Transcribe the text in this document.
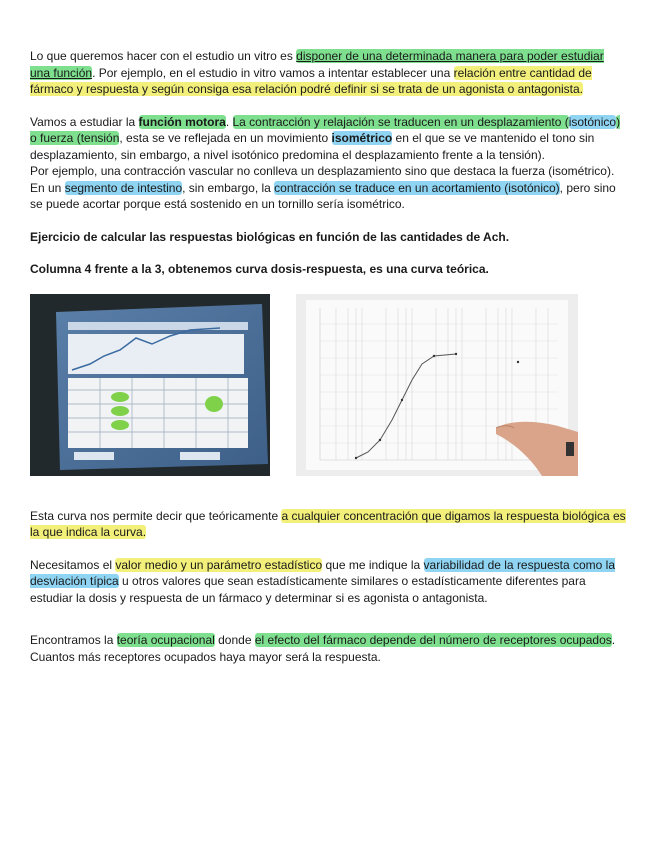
Lo que queremos hacer con el estudio un vitro es disponer de una determinada manera para poder estudiar una función. Por ejemplo, en el estudio in vitro vamos a intentar establecer una relación entre cantidad de fármaco y respuesta y según consiga esa relación podré definir si se trata de un agonista o antagonista.

Vamos a estudiar la función motora. La contracción y relajación se traducen en un desplazamiento (isotónico) o fuerza (tensión, esta se ve reflejada en un movimiento isométrico en el que se ve mantenido el tono sin desplazamiento, sin embargo, a nivel isotónico predomina el desplazamiento frente a la tensión).
Por ejemplo, una contracción vascular no conlleva un desplazamiento sino que destaca la fuerza (isométrico). En un segmento de intestino, sin embargo, la contracción se traduce en un acortamiento (isotónico), pero sino se puede acortar porque está sostenido en un tornillo sería isométrico.

Ejercicio de calcular las respuestas biológicas en función de las cantidades de Ach.

Columna 4 frente a la 3, obtenemos curva dosis-respuesta, es una curva teórica.

Esta curva nos permite decir que teóricamente a cualquier concentración que digamos la respuesta biológica es la que indica la curva.

Necesitamos el valor medio y un parámetro estadístico que me indique la variabilidad de la respuesta como la desviación típica u otros valores que sean estadísticamente similares o estadísticamente diferentes para estudiar la dosis y respuesta de un fármaco y determinar si es agonista o antagonista.

Encontramos la teoría ocupacional donde el efecto del fármaco depende del número de receptores ocupados. Cuantos más receptores ocupados haya mayor será la respuesta.
